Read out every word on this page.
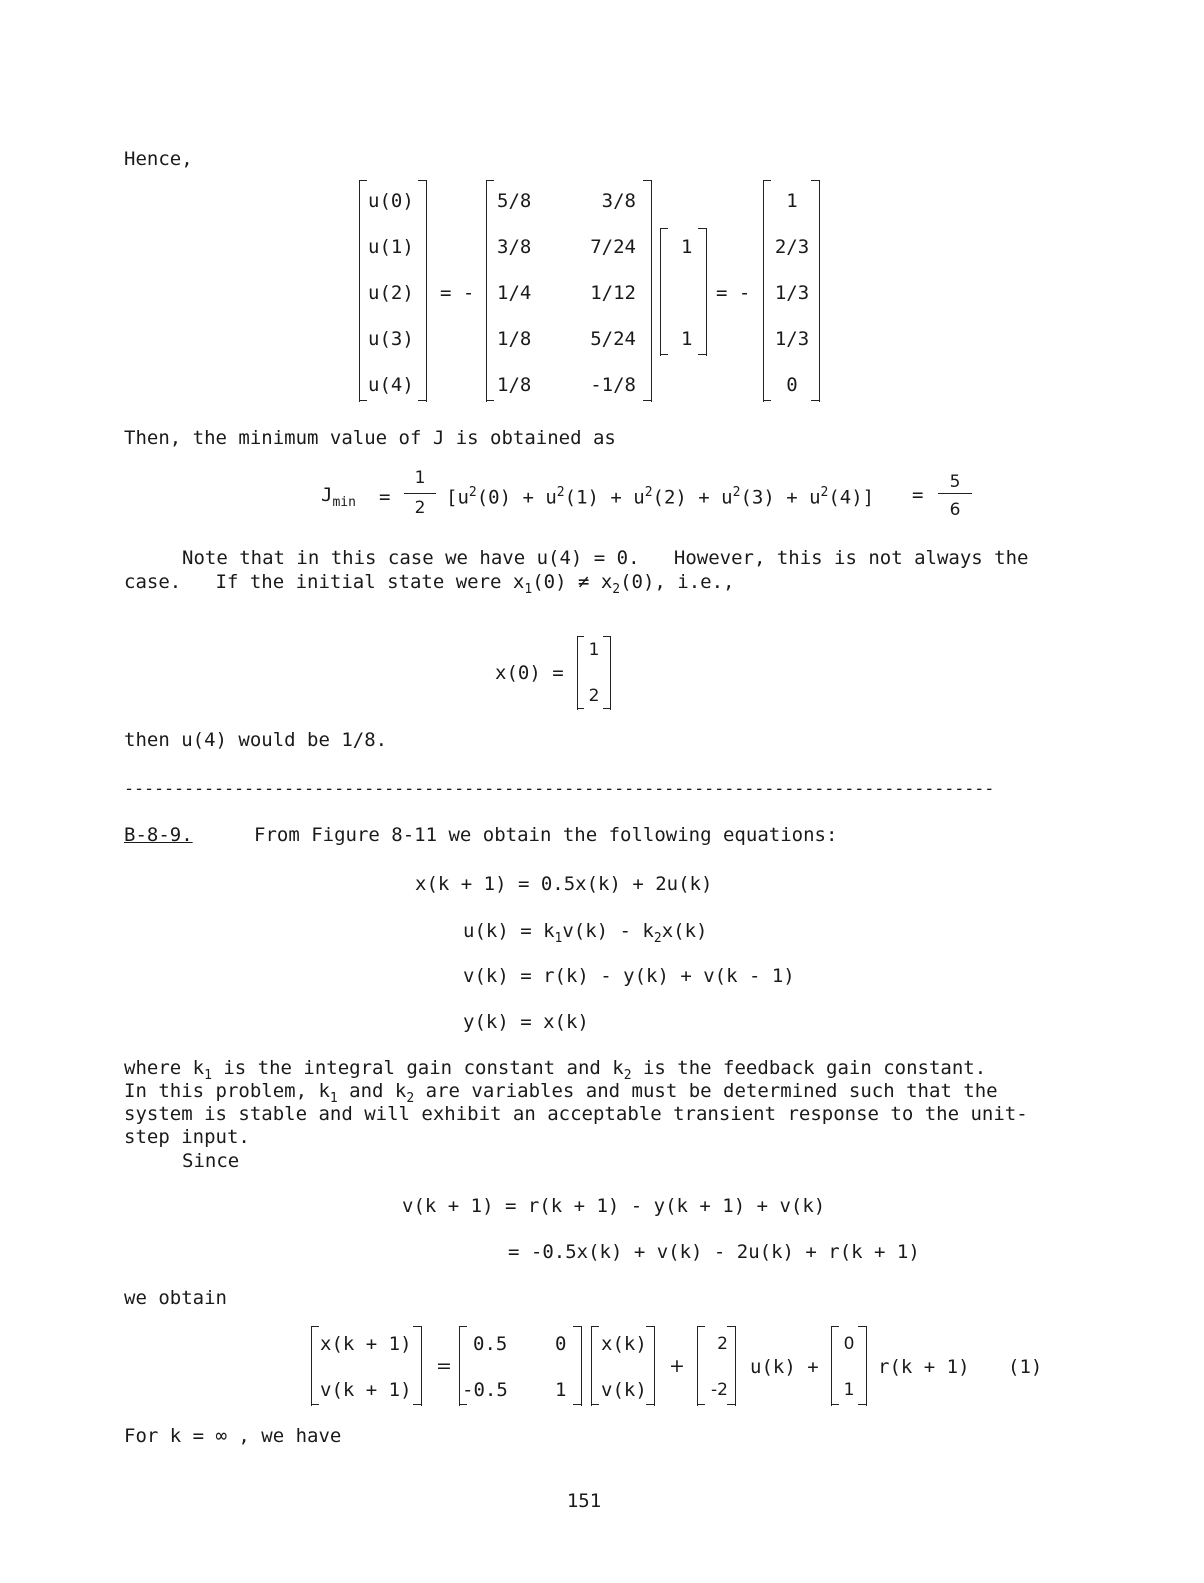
Hence,
u(0)
u(1)
u(2)
u(3)
u(4)
= -
5/8	3/8
3/8	7/24
1/4	1/12
1/8	5/24
1/8	-1/8
1
1
= -
1
2/3
1/3
1/3
0
Then, the minimum value of J is obtained as
$J_{min}$ =
1
2	$[u^2(0) + u^2(1) + u^2(2) + u^2(3) + u^2(4)]$ =
5
6
Note that in this case we have u(4) = 0.   However, this is not always the
case.   If the initial state were $x_1(0) \ne x_2(0)$, i.e.,
x(0) =
1
2
then u(4) would be 1/8.
---------------------------------------------------------------------------------------
B-8-9.	From Figure 8-11 we obtain the following equations:
x(k + 1) = 0.5x(k) + 2u(k)
$u(k) = k_1v(k) - k_2x(k)$
v(k) = r(k) - y(k) + v(k - 1)
y(k) = x(k)
where $k_1$ is the integral gain constant and $k_2$ is the feedback gain constant.
In this problem, $k_1$ and $k_2$ are variables and must be determined such that the
system is stable and will exhibit an acceptable transient response to the unit-
step input.
Since
v(k + 1) = r(k + 1) - y(k + 1) + v(k)
= -0.5x(k) + v(k) - 2u(k) + r(k + 1)
we obtain
x(k + 1)
v(k + 1)
=
0.5	0
-0.5 1
x(k)
v(k)
+
2
-2
u(k) +
0
1
r(k + 1) (1)
For k = ∞ , we have
151
